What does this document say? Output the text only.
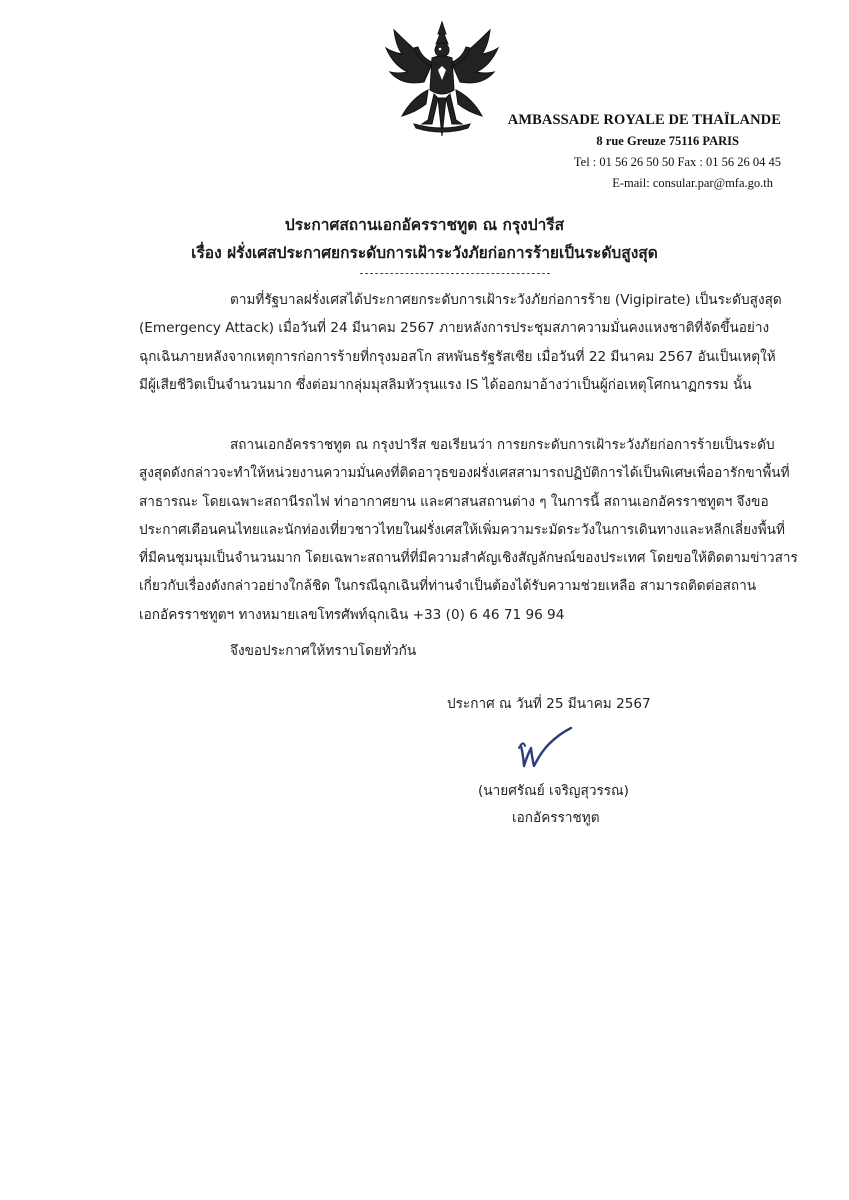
AMBASSADE ROYALE DE THAÏLANDE
8 rue Greuze 75116 PARIS
Tel : 01 56 26 50 50 Fax : 01 56 26 04 45
E-mail: consular.par@mfa.go.th
ประกาศสถานเอกอัครราชทูต ณ กรุงปารีส
เรื่อง ฝรั่งเศสประกาศยกระดับการเฝ้าระวังภัยก่อการร้ายเป็นระดับสูงสุด

ตามที่รัฐบาลฝรั่งเศสได้ประกาศยกระดับการเฝ้าระวังภัยก่อการร้าย (Vigipirate) เป็นระดับสูงสุด

(Emergency Attack) เมื่อวันที่ 24 มีนาคม 2567 ภายหลังการประชุมสภาความมั่นคงแหงชาติที่จัดขึ้นอย่าง

ฉุกเฉินภายหลังจากเหตุการก่อการร้ายที่กรุงมอสโก สหพันธรัฐรัสเซีย เมื่อวันที่ 22 มีนาคม 2567 อันเป็นเหตุให้

มีผู้เสียชีวิตเป็นจำนวนมาก ซึ่งต่อมากลุ่มมุสลิมหัวรุนแรง IS ได้ออกมาอ้างว่าเป็นผู้ก่อเหตุโศกนาฏกรรม นั้น

สถานเอกอัครราชทูต ณ กรุงปารีส ขอเรียนว่า การยกระดับการเฝ้าระวังภัยก่อการร้ายเป็นระดับ

สูงสุดดังกล่าวจะทำให้หน่วยงานความมั่นคงที่ติดอาวุธของฝรั่งเศสสามารถปฏิบัติการได้เป็นพิเศษเพื่ออารักขาพื้นที่

สาธารณะ โดยเฉพาะสถานีรถไฟ ท่าอากาศยาน และศาสนสถานต่าง ๆ ในการนี้ สถานเอกอัครราชทูตฯ จึงขอ

ประกาศเตือนคนไทยและนักท่องเที่ยวชาวไทยในฝรั่งเศสให้เพิ่มความระมัดระวังในการเดินทางและหลีกเลี่ยงพื้นที่

ที่มีคนชุมนุมเป็นจำนวนมาก โดยเฉพาะสถานที่ที่มีความสำคัญเชิงสัญลักษณ์ของประเทศ โดยขอให้ติดตามข่าวสาร

เกี่ยวกับเรื่องดังกล่าวอย่างใกล้ชิด ในกรณีฉุกเฉินที่ท่านจำเป็นต้องได้รับความช่วยเหลือ สามารถติดต่อสถาน

เอกอัครราชทูตฯ ทางหมายเลขโทรศัพท์ฉุกเฉิน +33 (0) 6 46 71 96 94

จึงขอประกาศให้ทราบโดยทั่วกัน

ประกาศ ณ วันที่ 25 มีนาคม 2567
(นายศรัณย์ เจริญสุวรรณ)
เอกอัครราชทูต
